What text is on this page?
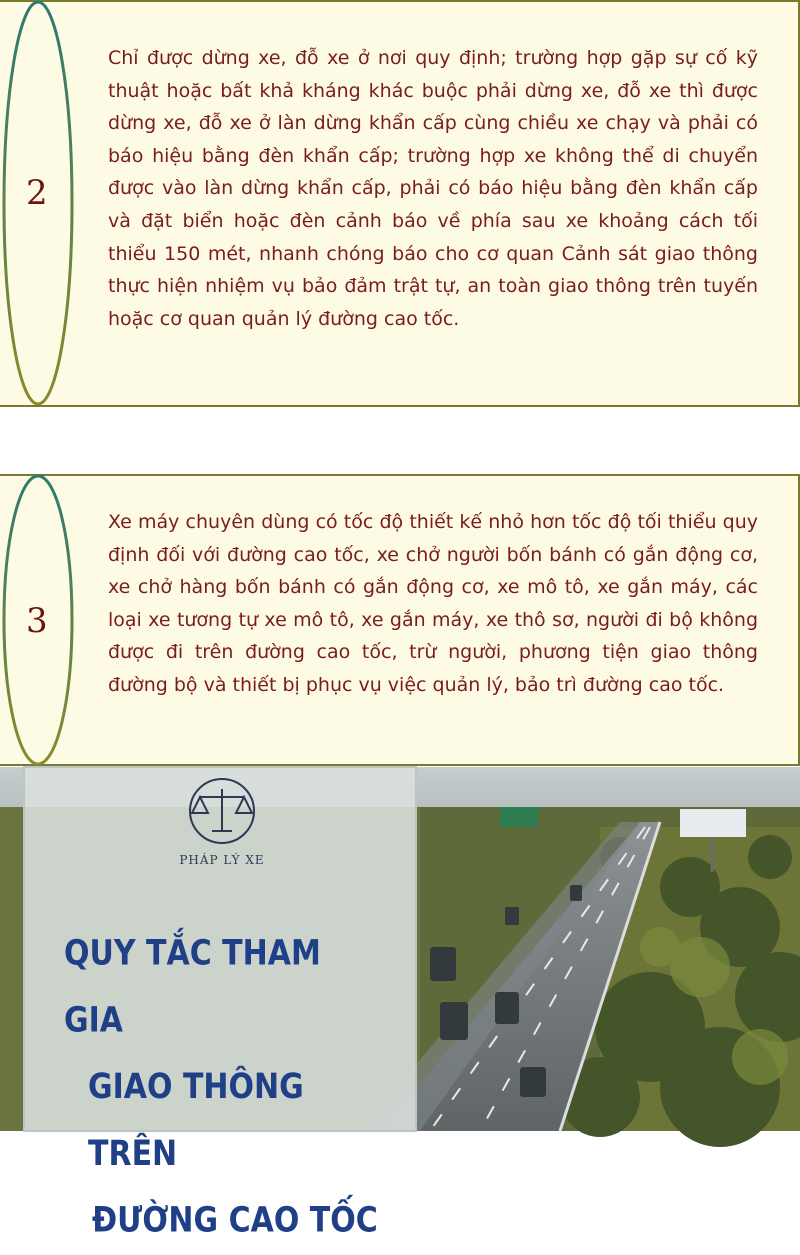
2
Chỉ được dừng xe, đỗ xe ở nơi quy định; trường hợp gặp sự cố kỹ thuật hoặc bất khả kháng khác buộc phải dừng xe, đỗ xe thì được dừng xe, đỗ xe ở làn dừng khẩn cấp cùng chiều xe chạy và phải có báo hiệu bằng đèn khẩn cấp; trường hợp xe không thể di chuyển được vào làn dừng khẩn cấp, phải có báo hiệu bằng đèn khẩn cấp và đặt biển hoặc đèn cảnh báo về phía sau xe khoảng cách tối thiểu 150 mét, nhanh chóng báo cho cơ quan Cảnh sát giao thông thực hiện nhiệm vụ bảo đảm trật tự, an toàn giao thông trên tuyến hoặc cơ quan quản lý đường cao tốc.
3
Xe máy chuyên dùng có tốc độ thiết kế nhỏ hơn tốc độ tối thiểu quy định đối với đường cao tốc, xe chở người bốn bánh có gắn động cơ, xe chở hàng bốn bánh có gắn động cơ, xe mô tô, xe gắn máy, các loại xe tương tự xe mô tô, xe gắn máy, xe thô sơ, người đi bộ không được đi trên đường cao tốc, trừ người, phương tiện giao thông đường bộ và thiết bị phục vụ việc quản lý, bảo trì đường cao tốc.
PHÁP LÝ XE
QUY TẮC THAM GIA
GIAO THÔNG TRÊN
ĐƯỜNG CAO TỐC
